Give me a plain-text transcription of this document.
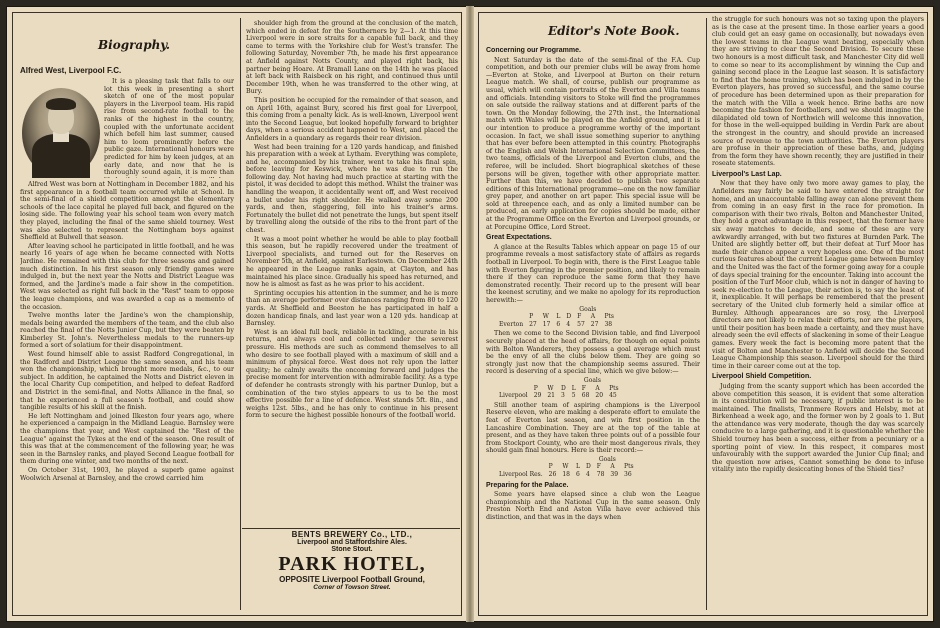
Biography.
Alfred West, Liverpool F.C.

It is a pleasing task that falls to our lot this week in presenting a short sketch of one of the most popular players in the Liverpool team. His rapid rise from second-rate football to the ranks of the highest in the country, coupled with the unfortunate accident which befell him last summer, caused him to loom prominently before the public gaze. International honours were predicted for him by keen judges, at an early date, and now that he is thoroughly sound again, it is more than

Alfred West was born at Nottingham in December 1882, and his first appearance in a football team occurred while at School. In the semi-final of a shield competition amongst the elementary schools of the lace capital he played full back, and figured on the losing side. The following year his school team won every match they played, including the final of the same shield tourney. West was also selected to represent the Nottingham boys against Sheffield at Bulwell that season.

After leaving school he participated in little football, and he was nearly 16 years of age when he became connected with Notts Jardine. He remained with this club for three seasons and gained much distinction. In his first season only friendly games were indulged in, but the next year the Notts and District League was formed, and the Jardine's made a fair show in the competition. West was selected as right full back in the "Rest" team to oppose the league champions, and was awarded a cap as a memento of the occasion.

Twelve months later the Jardine's won the championship, medals being awarded the members of the team, and the club also reached the final of the Notts Junior Cup, but they were beaten by Kimberley St. John's. Nevertheless medals to the runners-up formed a sort of solatium for their disappointment.

West found himself able to assist Radford Congregational, in the Radford and District League the same season, and his team won the championship, which brought more medals, &c., to our subject. In addition, he captained the Notts and District eleven in the local Charity Cup competition, and helped to defeat Radford and District in the semi-final, and Notts Alliance in the final, so that he experienced a full season's football, and could show tangible results of his skill at the finish.

He left Nottingham and joined Ilkeston four years ago, where he experienced a campaign in the Midland League. Barnsley were the champions that year, and West captained the "Rest of the League" against the Tykes at the end of the season. One result of this was that at the commencement of the following year, he was seen in the Barnsley ranks, and played Second League football for them during one winter, and two months of the next.

On October 31st, 1903, he played a superb game against Woolwich Arsenal at Barnsley, and the crowd carried him

shoulder high from the ground at the conclusion of the match, which ended in defeat for the Southerners by 2—1. At this time Liverpool were in sore straits for a capable full back, and they came to terms with the Yorkshire club for West's transfer. The following Saturday, November 7th, he made his first appearance at Anfield against Notts County, and played right back, his partner being Hoare. At Bramall Lane on the 14th he was placed at left back with Raisbeck on his right, and continued thus until December 19th, when he was transferred to the other wing, at Bury.

This position he occupied for the remainder of that season, and on April 16th, against Bury, scored his first goal for Liverpool, this coming from a penalty kick. As is well-known, Liverpool went into the Second League, but looked hopefully forward to brighter days, when a serious accident happened to West, and placed the Anfielders in a quandary as regards their rear division.

West had been training for a 120 yards handicap, and finished his preparation with a week at Lytham. Everything was complete, and he, accompanied by his trainer, went to take his final spin, before leaving for Keswick, where he was due to run the following day. Not having had much practice at starting with the pistol, it was decided to adopt this method. Whilst the trainer was handling the weapon, it accidentally went off, and West received a bullet under his right shoulder. He walked away some 200 yards, and then, staggering, fell into his trainer's arms. Fortunately the bullet did not penetrate the lungs, but spent itself by travelling along the outside of the ribs to the front part of the chest.

It was a moot point whether he would be able to play football this season, but he rapidly recovered under the treatment of Liverpool specialists, and turned out for the Reserves on November 5th, at Anfield, against Earlestown. On December 24th he appeared in the League ranks again, at Clayton, and has maintained his place since. Gradually his speed has returned, and now he is almost as fast as he was prior to his accident.

Sprinting occupies his attention in the summer, and he is more than an average performer over distances ranging from 80 to 120 yards. At Sheffield and Beeston he has participated in half a dozen handicap finals, and last year won a 120 yds. handicap at Barnsley.

West is an ideal full back, reliable in tackling, accurate in his returns, and always cool and collected under the severest pressure. His methods are such as commend themselves to all who desire to see football played with a maximum of skill and a minimum of physical force. West does not rely upon the latter quality; he calmly awaits the oncoming forward and judges the precise moment for intervention with admirable facility. As a type of defender he contrasts strongly with his partner Dunlop, but a combination of the two styles appears to us to be the most effective possible for a line of defence. West stands 5ft. 8in., and weighs 12st. 5lbs., and he has only to continue in his present form to secure the highest possible honours of the football world.

BENTS BREWERY Co., LTD.,
Liverpool and Staffordshire Ales.
Stone Stout.
PARK HOTEL,
OPPOSITE Liverpool Football Ground,
Corner of Towson Street.
Editor's Note Book.
Concerning our Programme.

Next Saturday is the date of the semi-final of the F.A. Cup competition, and both our premier clubs will be away from home—Everton at Stoke, and Liverpool at Burton on their return League match. We shall, of course, publish our programme as usual, which will contain portraits of the Everton and Villa teams and officials. Intending visitors to Stoke will find the programmes on sale outside the railway stations and at different parts of the town. On the Monday following, the 27th inst., the International match with Wales will be played on the Anfield ground, and it is our intention to produce a programme worthy of the important occasion. In fact, we shall issue something superior to anything that has ever before been attempted in this country. Photographs of the English and Welsh International Selection Committees, the two teams, officials of the Liverpool and Everton clubs, and the referee, will be included. Short biographical sketches of these persons will be given, together with other appropriate matter. Further than this, we have decided to publish two separate editions of this International programme—one on the now familiar grey paper, and another on art paper. This special issue will be sold at threepence each, and as only a limited number can be produced, an early application for copies should be made, either at the Programme Office on the Everton and Liverpool grounds, or at Porcupine Office, Lord Street.

Great Expectations.

A glance at the Results Tables which appear on page 15 of our programme reveals a most satisfactory state of affairs as regards football in Liverpool. To begin with, there is the First League table with Everton figuring in the premier position, and likely to remain there if they can reproduce the same form that they have demonstrated recently. Their record up to the present will bear the keenest scrutiny, and we make no apology for its reproduction herewith:—

					Goals		
	P	W	L	D	F	A	Pts
Everton	27	17	6	4	57	27	38

Then we come to the Second Division table, and find Liverpool securely placed at the head of affairs, for though on equal points with Bolton Wanderers, they possess a goal average which must be the envy of all the clubs below them. They are going so strongly just now that the championship seems assured. Their record is deserving of a special line, which we give below:—

					Goals		
	P	W	D	L	F	A	Pts
Liverpool	29	21	3	5	68	20	45

Still another team of aspiring champions is the Liverpool Reserve eleven, who are making a desperate effort to emulate the feat of Everton last season, and win first position in the Lancashire Combination. They are at the top of the table at present, and as they have taken three points out of a possible four from Stockport County, who are their most dangerous rivals, they should gain final honours. Here is their record:—

					Goals		
	P	W	L	D	F	A	Pts
Liverpool Res.	26	18	6	4	78	39	36
Preparing for the Palace.

Some years have elapsed since a club won the League championship and the National Cup in the same season. Only Preston North End and Aston Villa have ever achieved this distinction, and that was in the days when

the struggle for such honours was not so taxing upon the players as is the case at the present time. In those earlier years a good club could get an easy game on occasionally, but nowadays even the lowest teams in the League want beating, especially when they are striving to clear the Second Division. To secure these two honours is a most difficult task, and Manchester City did well to come so near to its accomplishment by winning the Cup and gaining second place in the League last season. It is satisfactory to find that the home training, which has been indulged in by the Everton players, has proved so successful, and the same course of procedure has been determined upon as their preparation for the match with the Villa a week hence. Brine baths are now becoming the fashion for footballers, and we should imagine the dilapidated old town of Northwich will welcome this innovation, for those in the well-equipped building in Verdin Park are about the strongest in the country, and should provide an increased source of revenue to the town authorities. The Everton players are profuse in their appreciation of these baths, and, judging from the form they have shown recently, they are justified in their roseate statements.

Liverpool's Last Lap.

Now that they have only two more away games to play, the Anfielders may fairly be said to have entered the straight for home, and an unaccountable falling away can alone prevent them from coming in an easy first in the race for promotion. In comparison with their two rivals, Bolton and Manchester United, they hold a great advantage in this respect, that the former have six away matches to decide, and some of these are very awkwardly arranged, with but two fixtures at Burnden Park. The United are slightly better off, but their defeat at Turf Moor has made their chance appear a very hopeless one. One of the most curious features about the current League game between Burnley and the United was the fact of the former going away for a couple of days special training for the encounter. Taking into account the position of the Turf Moor club, which is not in danger of having to seek re-election to the League, their action is, to say the least of it, inexplicable. It will perhaps be remembered that the present secretary of the United club formerly held a similar office at Burnley. Although appearances are so rosy, the Liverpool directors are not likely to relax their efforts, nor are the players, until their position has been made a certainty, and they must have already seen the evil effects of slackening in some of their League games. Every week the fact is becoming more patent that the visit of Bolton and Manchester to Anfield will decide the Second League Championship this season. Liverpool should for the third time in their career come out at the top.

Liverpool Shield Competition.

Judging from the scanty support which has been accorded the above competition this season, it is evident that some alteration in its constitution will be necessary, if public interest is to be maintained. The finalists, Tranmere Rovers and Helsby, met at Birkenhead a week ago, and the former won by 2 goals to 1. But the attendance was very moderate, though the day was scarcely conducive to a large gathering, and it is questionable whether the Shield tourney has been a success, either from a pecuniary or a sporting point of view. In this respect, it compares most unfavourably with the support awarded the Junior Cup final; and the question now arises, Cannot something be done to infuse vitality into the rapidly desiccating bones of the Shield ties?
